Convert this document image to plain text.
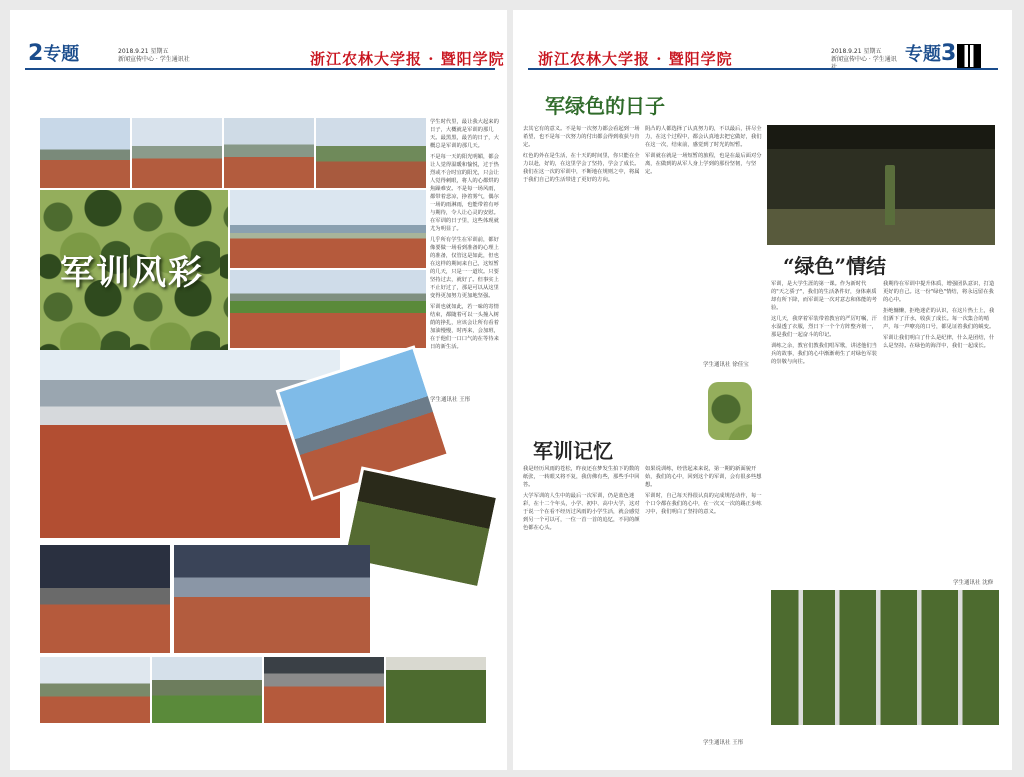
2专题	2018.9.21 星期五
新闻宣传中心 · 学生通讯社	浙江农林大学报 · 暨阳学院
军训风彩

学生时代里，最让我大起来的日子，大概就是军训的那几天。最黑黑，最苦的日子，大概总是军训的那几天。

不是每一天的阳光明媚，都会让人觉得温暖和愉悦，过于热烈或不合时宜的阳光，只会让人觉得刺眼，将人的心都烘的焦躁难安。不是每一场风雨，都带着悲凉，挣着雾气，偶尔一场的雨淋雨，也能带着有呼与期待，令人让心灵的安慰。在军训的日子里，这些体现就尤为明显了。

几乎所有学生在军训前，都好像要做一场看到准备的心理上的准备，仅管这是如此，但也在这样的期间来自己，这短暂的几天，只是一一道坎。只要坚持过去，就好了。但事实上不止好过了，那是可以从这里变得更加努力更加地坚强。

军训也就如此，若一味的寄情结束，都随着可以一头撞入树荫的挣扎，应该会让所有看着加油慢慢，时再来，会加班，在于他们一口口气的在等待来日的新生活。

学生通讯社 王彤
浙江农林大学报 · 暨阳学院	2018.9.21 星期五
新闻宣传中心 · 学生通讯 专题3
军绿色的日子

去其它有的意义。不是每一次努力都会看起到一场希望，也不是每一次努力的付出都会得到收获与肯定。

红色的外在是生活，在十天的时间里，你只能在全力以赴，好的，在这里学会了坚持，学会了成长。我们在这一次的军训中，不断地在规则之中，将属于我们自己的生活带进了更好的方向。

阴凸的人都选择了认真努力的，不以最后，拼尽全力，在这个过程中，都会认真地去把它做好，我们在这一次，结束前，感觉到了时光的短暂。

军训就在就是一场短暂的旅程，也是在最后面对分离，在做到的从军人身上学到的那份坚韧，与坚定。

学生通讯社 徐佳宝
“绿色”情结
军训记忆

我是经历风雨的苍松，昨夜还在梦发生拍下的数的纸张，一转眼又将不复，我仿佛有些，那些手中回答。

大学军训的人生中的最后一次军训，仍是蓝色迷彩，在十二个年头，小学、初中、高中大学，这对于说一个在看不经历过风雨的小学生活，就会感觉到另一个可以可，一位一首一首的追忆，不同的颜色都在心头。

如果说训练，经营起来来说，第一期的新面貌开始，我们的心中，回到这个的军训，会有很多些想想。

军训时，自己每天得很认真的完成规范动作，每一个口令都在我们的心中，在一次又一次的踢正步练习中，我们明白了坚持的意义。

学生通讯社 王彤

军训，是大学生涯的第一课。作为新时代的"天之骄子"，我们的生活条件好，身体素质却有所下降，而军训是一次对意志和体能的考验。

这几天，我穿着军装带着教官的严厉叮嘱，汗水湿透了衣服，烈日下一个个方阵整齐划一，那是我们一起奋斗的印记。

训练之余，教官们教我们唱军歌，讲述他们当兵的故事，我们的心中渐渐萌生了对绿色军装的崇敬与向往。

我期待在军训中提升体质，增强团队意识，打造更好的自己。这一份"绿色"情结，将永远留在我的心中。

拒绝慵懒，拒绝迷茫的认识，在这片热土上，我们洒下了汗水，收获了成长。每一次集合的哨声，每一声嘹亮的口号，都见证着我们的蜕变。

军训让我们明白了什么是纪律，什么是团结，什么是坚持。在绿色的海洋中，我们一起成长。

学生通讯社 沈修
